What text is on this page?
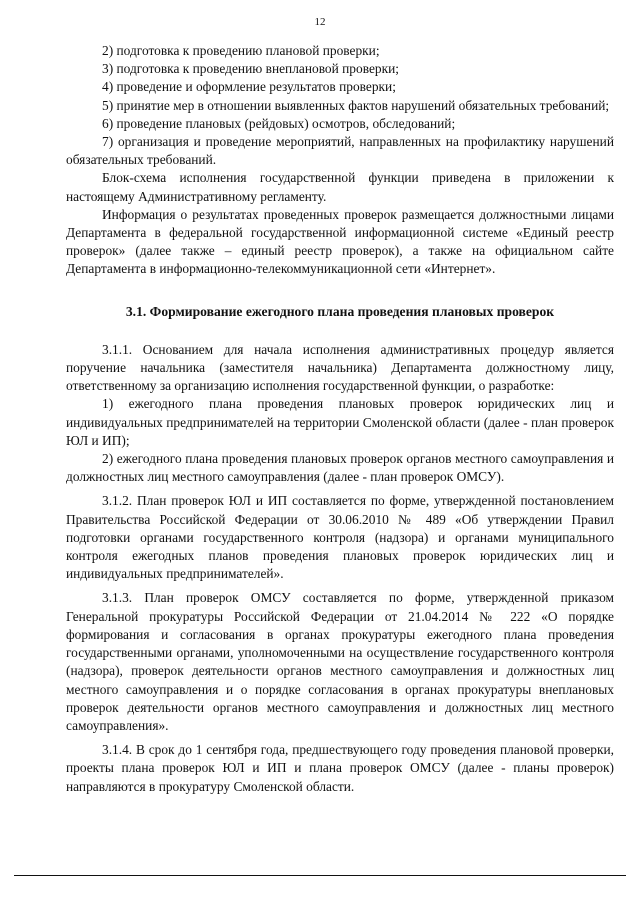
12

2) подготовка к проведению плановой проверки;

3) подготовка к проведению внеплановой проверки;

4) проведение и оформление результатов проверки;

5) принятие мер в отношении выявленных фактов нарушений обязательных требований;

6) проведение плановых (рейдовых) осмотров, обследований;

7) организация и проведение мероприятий, направленных на профилактику нарушений обязательных требований.

Блок-схема исполнения государственной функции приведена в приложении к настоящему Административному регламенту.

Информация о результатах проведенных проверок размещается должностными лицами Департамента в федеральной государственной информационной системе «Единый реестр проверок» (далее также – единый реестр проверок), а также на официальном сайте Департамента в информационно-телекоммуникационной сети «Интернет».

3.1. Формирование ежегодного плана проведения плановых проверок

3.1.1. Основанием для начала исполнения административных процедур является поручение начальника (заместителя начальника) Департамента должностному лицу, ответственному за организацию исполнения государственной функции, о разработке:

1) ежегодного плана проведения плановых проверок юридических лиц и индивидуальных предпринимателей на территории Смоленской области (далее - план проверок ЮЛ и ИП);

2) ежегодного плана проведения плановых проверок органов местного самоуправления и должностных лиц местного самоуправления (далее - план проверок ОМСУ).

3.1.2. План проверок ЮЛ и ИП составляется по форме, утвержденной постановлением Правительства Российской Федерации от 30.06.2010 № 489 «Об утверждении Правил подготовки органами государственного контроля (надзора) и органами муниципального контроля ежегодных планов проведения плановых проверок юридических лиц и индивидуальных предпринимателей».

3.1.3. План проверок ОМСУ составляется по форме, утвержденной приказом Генеральной прокуратуры Российской Федерации от 21.04.2014 № 222 «О порядке формирования и согласования в органах прокуратуры ежегодного плана проведения государственными органами, уполномоченными на осуществление государственного контроля (надзора), проверок деятельности органов местного самоуправления и должностных лиц местного самоуправления и о порядке согласования в органах прокуратуры внеплановых проверок деятельности органов местного самоуправления и должностных лиц местного самоуправления».

3.1.4. В срок до 1 сентября года, предшествующего году проведения плановой проверки, проекты плана проверок ЮЛ и ИП и плана проверок ОМСУ (далее - планы проверок) направляются в прокуратуру Смоленской области.
